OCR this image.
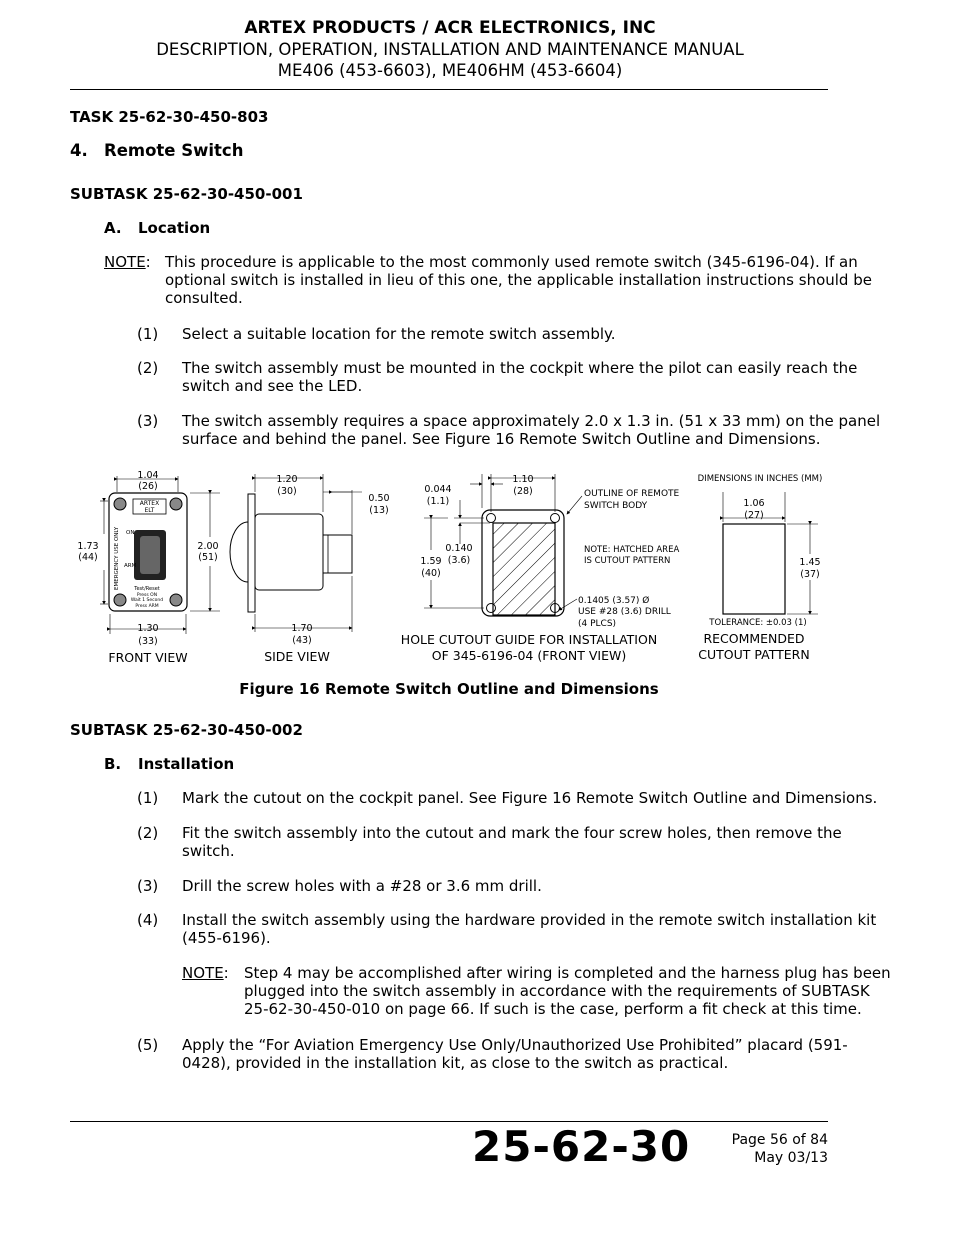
ARTEX PRODUCTS / ACR ELECTRONICS, INC
DESCRIPTION, OPERATION, INSTALLATION AND MAINTENANCE MANUAL
ME406 (453-6603), ME406HM (453-6604)
TASK 25-62-30-450-803
4. Remote Switch
SUBTASK 25-62-30-450-001
A. Location
NOTE: This procedure is applicable to the most commonly used remote switch (345-6196-04). If an
optional switch is installed in lieu of this one, the applicable installation instructions should be
consulted.
(1) Select a suitable location for the remote switch assembly.
(2) The switch assembly must be mounted in the cockpit where the pilot can easily reach the
switch and see the LED.
(3) The switch assembly requires a space approximately 2.0 x 1.3 in. (51 x 33 mm) on the panel
surface and behind the panel. See Figure 16 Remote Switch Outline and Dimensions.
ARTEX
ELT
ON
ARM
EMERGENCY USE ONLY	Test/Reset
Press ON
Wait 1 Second
Press ARM
1.04
(26)
1.73
(44)
2.00
(51)
1.30
(33)
FRONT VIEW
1.20
(30)
0.50
(13)
1.70
(43)
SIDE VIEW
0.044
(1.1)
1.10
(28)
0.140
(3.6)
1.59
(40)
OUTLINE OF REMOTE
SWITCH BODY
NOTE: HATCHED AREA
IS CUTOUT PATTERN
0.1405 (3.57) Ø
USE #28 (3.6) DRILL
(4 PLCS)
HOLE CUTOUT GUIDE FOR INSTALLATION
OF 345-6196-04 (FRONT VIEW)
DIMENSIONS IN INCHES (MM)
1.06
(27)
1.45
(37)
TOLERANCE: ±0.03 (1)
RECOMMENDED
CUTOUT PATTERN
Figure 16 Remote Switch Outline and Dimensions
SUBTASK 25-62-30-450-002
B. Installation
(1) Mark the cutout on the cockpit panel. See Figure 16 Remote Switch Outline and Dimensions.
(2) Fit the switch assembly into the cutout and mark the four screw holes, then remove the
switch.
(3) Drill the screw holes with a #28 or 3.6 mm drill.
(4) Install the switch assembly using the hardware provided in the remote switch installation kit
(455-6196).
NOTE: Step 4 may be accomplished after wiring is completed and the harness plug has been
plugged into the switch assembly in accordance with the requirements of SUBTASK
25-62-30-450-010 on page 66. If such is the case, perform a fit check at this time.
(5) Apply the “For Aviation Emergency Use Only/Unauthorized Use Prohibited” placard (591-
0428), provided in the installation kit, as close to the switch as practical.
25-62-30	Page 56 of 84
May 03/13
